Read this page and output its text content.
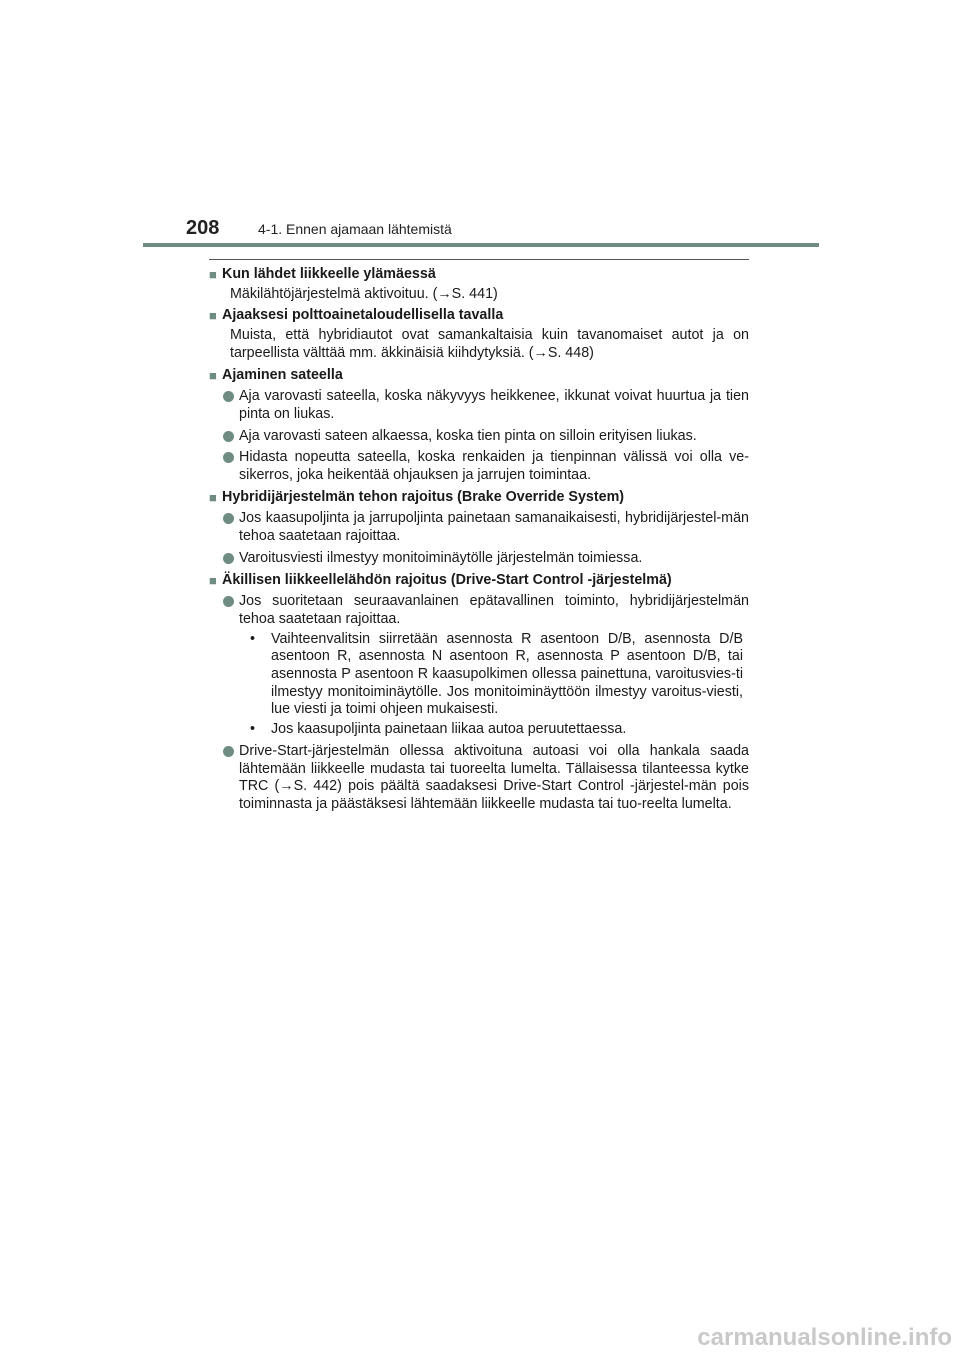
208	4-1. Ennen ajamaan lähtemistä
■ Kun lähdet liikkeelle ylämäessä
Mäkilähtöjärjestelmä aktivoituu. (→S. 441)
■ Ajaaksesi polttoainetaloudellisella tavalla
Muista, että hybridiautot ovat samankaltaisia kuin tavanomaiset autot ja on tarpeellista välttää mm. äkkinäisiä kiihdytyksiä. (→S. 448)
■ Ajaminen sateella
Aja varovasti sateella, koska näkyvyys heikkenee, ikkunat voivat huurtua ja tien pinta on liukas.
Aja varovasti sateen alkaessa, koska tien pinta on silloin erityisen liukas.
Hidasta nopeutta sateella, koska renkaiden ja tienpinnan välissä voi olla ve-sikerros, joka heikentää ohjauksen ja jarrujen toimintaa.
■ Hybridijärjestelmän tehon rajoitus (Brake Override System)
Jos kaasupoljinta ja jarrupoljinta painetaan samanaikaisesti, hybridijärjestel-män tehoa saatetaan rajoittaa.
Varoitusviesti ilmestyy monitoiminäytölle järjestelmän toimiessa.
■ Äkillisen liikkeellelähdön rajoitus (Drive-Start Control -järjestelmä)
Jos suoritetaan seuraavanlainen epätavallinen toiminto, hybridijärjestelmän tehoa saatetaan rajoittaa.
•	Vaihteenvalitsin siirretään asennosta R asentoon D/B, asennosta D/B asentoon R, asennosta N asentoon R, asennosta P asentoon D/B, tai asennosta P asentoon R kaasupolkimen ollessa painettuna, varoitusvies-ti ilmestyy monitoiminäytölle. Jos monitoiminäyttöön ilmestyy varoitus-viesti, lue viesti ja toimi ohjeen mukaisesti.
•	Jos kaasupoljinta painetaan liikaa autoa peruutettaessa.
Drive-Start-järjestelmän ollessa aktivoituna autoasi voi olla hankala saada lähtemään liikkeelle mudasta tai tuoreelta lumelta. Tällaisessa tilanteessa kytke TRC (→S. 442) pois päältä saadaksesi Drive-Start Control -järjestel-män pois toiminnasta ja päästäksesi lähtemään liikkeelle mudasta tai tuo-reelta lumelta.
carmanualsonline.info
